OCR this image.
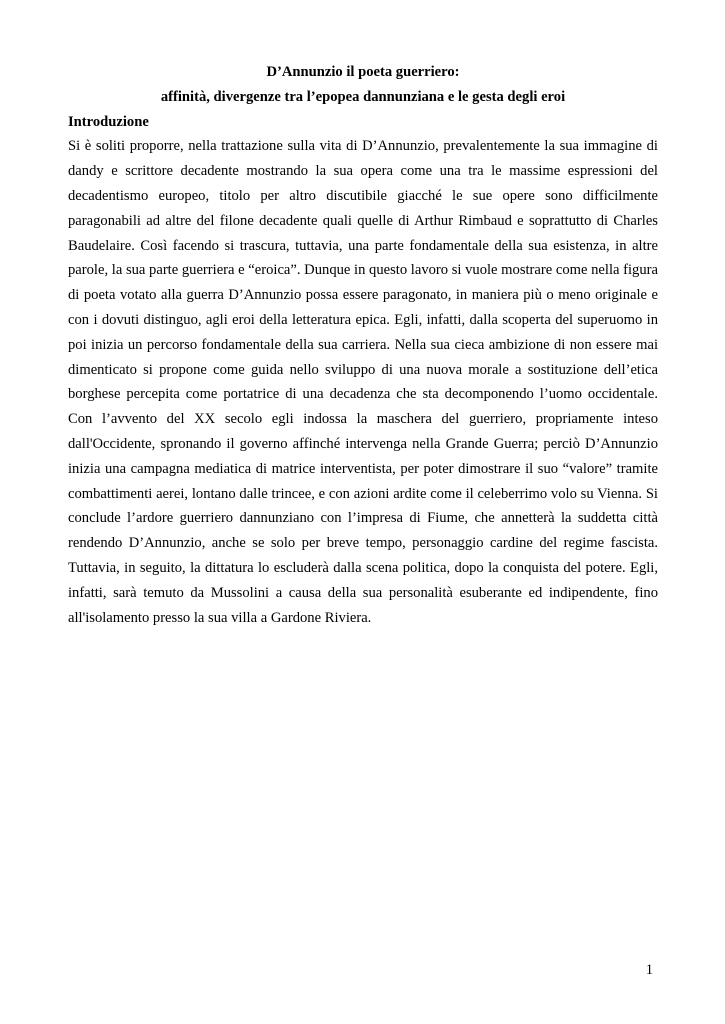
D’Annunzio il poeta guerriero:

affinità, divergenze tra l’epopea dannunziana e le gesta degli eroi

Introduzione

Si è soliti proporre, nella trattazione sulla vita di D’Annunzio, prevalentemente la sua immagine di dandy e scrittore decadente mostrando la sua opera come una tra le massime espressioni del decadentismo europeo, titolo per altro discutibile giacché le sue opere sono difficilmente paragonabili ad altre del filone decadente quali quelle di Arthur Rimbaud e soprattutto di Charles Baudelaire. Così facendo si trascura, tuttavia, una parte fondamentale della sua esistenza, in altre parole, la sua parte guerriera e “eroica”. Dunque in questo lavoro si vuole mostrare come nella figura di poeta votato alla guerra D’Annunzio possa essere paragonato, in maniera più o meno originale e con i dovuti distinguo, agli eroi della letteratura epica. Egli, infatti, dalla scoperta del superuomo in poi inizia un percorso fondamentale della sua carriera. Nella sua cieca ambizione di non essere mai dimenticato si propone come guida nello sviluppo di una nuova morale a sostituzione dell’etica borghese percepita come portatrice di una decadenza che sta decomponendo l’uomo occidentale. Con l’avvento del XX secolo egli indossa la maschera del guerriero, propriamente inteso dall'Occidente, spronando il governo affinché intervenga nella Grande Guerra; perciò D’Annunzio inizia una campagna mediatica di matrice interventista, per poter dimostrare il suo “valore” tramite combattimenti aerei, lontano dalle trincee, e con azioni ardite come il celeberrimo volo su Vienna. Si conclude l’ardore guerriero dannunziano con l’impresa di Fiume, che annetterà la suddetta città rendendo D’Annunzio, anche se solo per breve tempo, personaggio cardine del regime fascista. Tuttavia, in seguito, la dittatura lo escluderà dalla scena politica, dopo la conquista del potere. Egli, infatti, sarà temuto da Mussolini a causa della sua personalità esuberante ed indipendente, fino all'isolamento presso la sua villa a Gardone Riviera.

1
